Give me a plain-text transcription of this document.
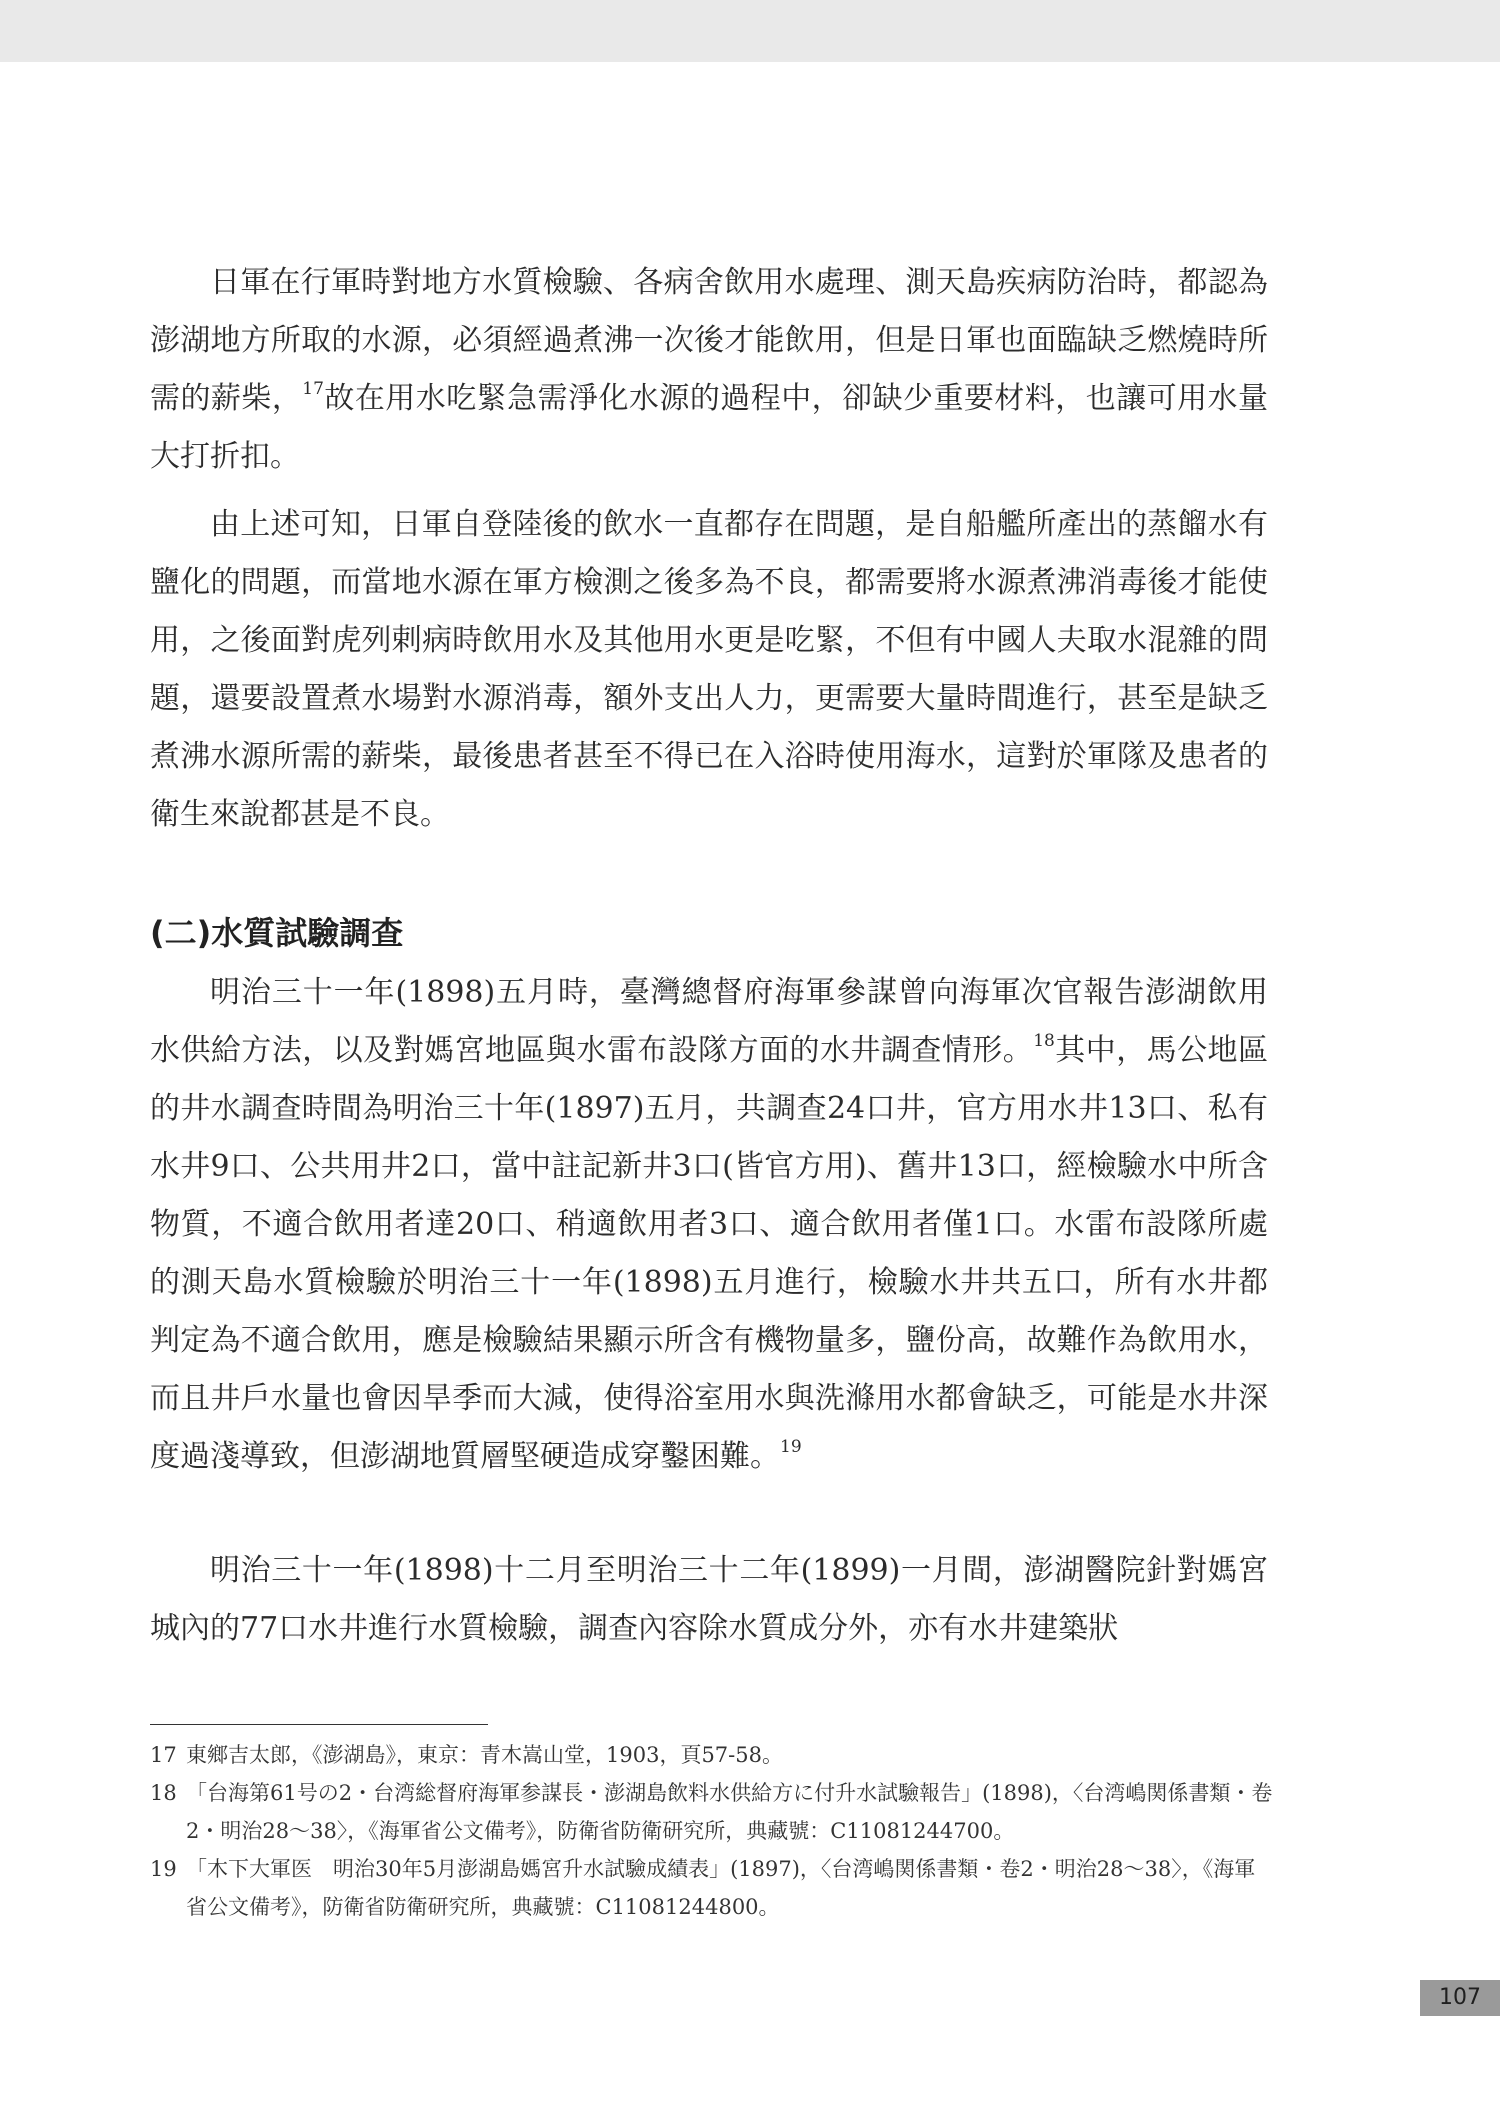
日軍在行軍時對地方水質檢驗、各病舍飲用水處理、測天島疾病防治時，都認為澎湖地方所取的水源，必須經過煮沸一次後才能飲用，但是日軍也面臨缺乏燃燒時所需的薪柴，$^{17}$故在用水吃緊急需淨化水源的過程中，卻缺少重要材料，也讓可用水量大打折扣。

由上述可知，日軍自登陸後的飲水一直都存在問題，是自船艦所產出的蒸餾水有鹽化的問題，而當地水源在軍方檢測之後多為不良，都需要將水源煮沸消毒後才能使用，之後面對虎列剌病時飲用水及其他用水更是吃緊，不但有中國人夫取水混雜的問題，還要設置煮水場對水源消毒，額外支出人力，更需要大量時間進行，甚至是缺乏煮沸水源所需的薪柴，最後患者甚至不得已在入浴時使用海水，這對於軍隊及患者的衛生來說都甚是不良。

(二)水質試驗調查

明治三十一年(1898)五月時，臺灣總督府海軍參謀曾向海軍次官報告澎湖飲用水供給方法，以及對媽宮地區與水雷布設隊方面的水井調查情形。$^{18}$其中，馬公地區的井水調查時間為明治三十年(1897)五月，共調查24口井，官方用水井13口、私有水井9口、公共用井2口，當中註記新井3口(皆官方用)、舊井13口，經檢驗水中所含物質，不適合飲用者達20口、稍適飲用者3口、適合飲用者僅1口。水雷布設隊所處的測天島水質檢驗於明治三十一年(1898)五月進行，檢驗水井共五口，所有水井都判定為不適合飲用，應是檢驗結果顯示所含有機物量多，鹽份高，故難作為飲用水，而且井戶水量也會因旱季而大減，使得浴室用水與洗滌用水都會缺乏，可能是水井深度過淺導致，但澎湖地質層堅硬造成穿鑿困難。$^{19}$

明治三十一年(1898)十二月至明治三十二年(1899)一月間，澎湖醫院針對媽宮城內的77口水井進行水質檢驗，調查內容除水質成分外，亦有水井建築狀

17 東鄉吉太郎，《澎湖島》，東京：青木嵩山堂，1903，頁57-58。
18 「台海第61号の2・台湾総督府海軍参謀長・澎湖島飲料水供給方に付升水試驗報告」(1898)，〈台湾嶋関係書類・卷2・明治28～38〉，《海軍省公文備考》，防衛省防衛研究所，典藏號：C11081244700。
19 「木下大軍医　明治30年5月澎湖島媽宮升水試驗成績表」(1897)，〈台湾嶋関係書類・卷2・明治28～38〉，《海軍省公文備考》，防衛省防衛研究所，典藏號：C11081244800。
107
